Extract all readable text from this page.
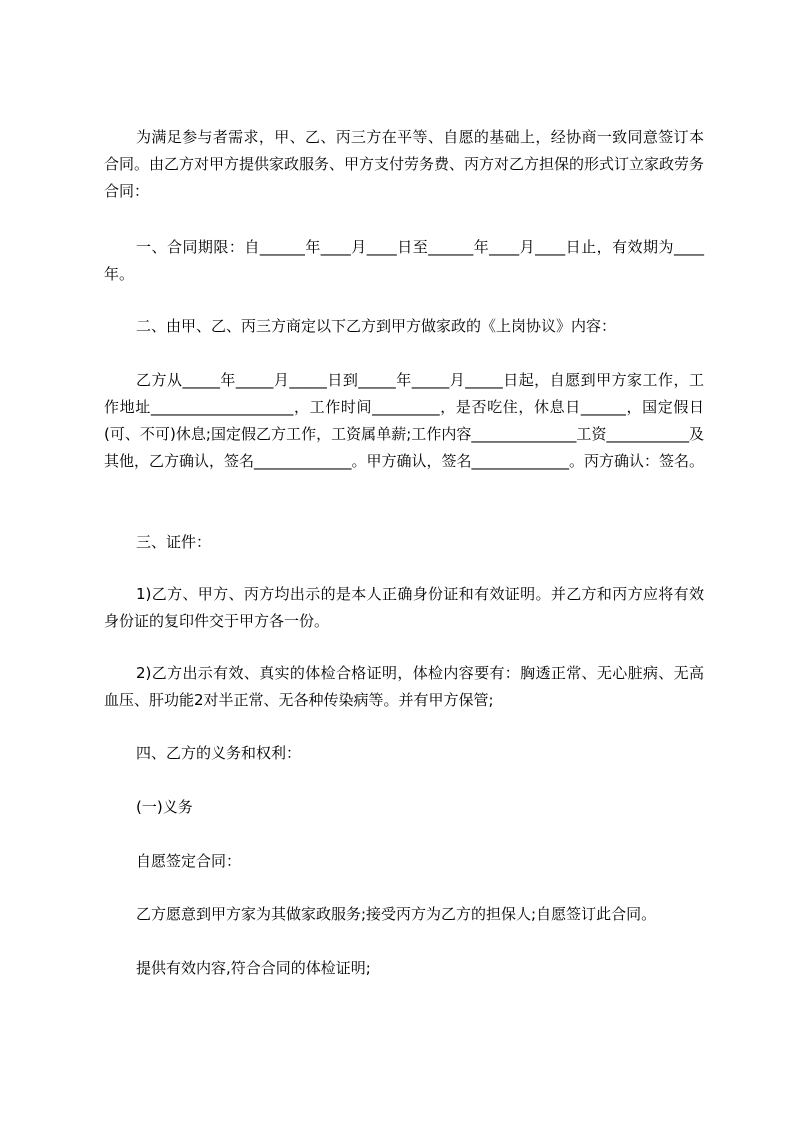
为满足参与者需求，甲、乙、丙三方在平等、自愿的基础上，经协商一致同意签订本合同。由乙方对甲方提供家政服务、甲方支付劳务费、丙方对乙方担保的形式订立家政劳务合同：
一、合同期限：自______年____月____日至______年____月____日止，有效期为____年。
二、由甲、乙、丙三方商定以下乙方到甲方做家政的《上岗协议》内容：
乙方从_____年_____月_____日到_____年_____月_____日起，自愿到甲方家工作，工作地址___________________，工作时间_________，是否吃住，休息日______，国定假日(可、不可)休息;国定假乙方工作，工资属单薪;工作内容______________工资___________及其他，乙方确认，签名_____________。甲方确认，签名_____________。丙方确认：签名。
三、证件：
1)乙方、甲方、丙方均出示的是本人正确身份证和有效证明。并乙方和丙方应将有效身份证的复印件交于甲方各一份。
2)乙方出示有效、真实的体检合格证明，体检内容要有：胸透正常、无心脏病、无高血压、肝功能2对半正常、无各种传染病等。并有甲方保管;
四、乙方的义务和权利：
(一)义务
自愿签定合同：
乙方愿意到甲方家为其做家政服务;接受丙方为乙方的担保人;自愿签订此合同。
提供有效内容,符合合同的体检证明;
